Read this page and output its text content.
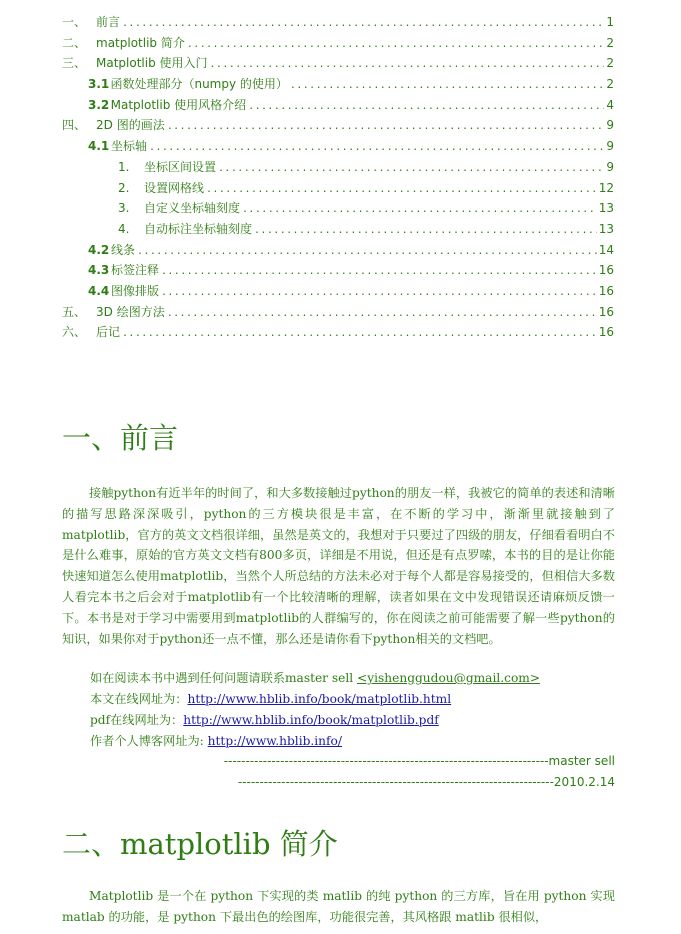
一、 前言 .....	1
二、 matplotlib 简介 .....	2
三、 Matplotlib 使用入门 .....	2
3.1 函数处理部分（numpy 的使用） .....	2
3.2 Matplotlib 使用风格介绍 .....	4
四、 2D 图的画法 .....	9
4.1 坐标轴 .....	9
1.	坐标区间设置 .....	9
2.	设置网格线 .....	12
3.	自定义坐标轴刻度 .....	13
4.	自动标注坐标轴刻度 .....	13
4.2 线条 .....	14
4.3 标签注释 .....	16
4.4 图像排版 .....	16
五、 3D 绘图方法 .....	16
六、 后记 .....	16
一、前言

接触python有近半年的时间了，和大多数接触过python的朋友一样，我被它的简单的表述和清晰的描写思路深深吸引，python的三方模块很是丰富，在不断的学习中，渐渐里就接触到了matplotlib，官方的英文文档很详细，虽然是英文的，我想对于只要过了四级的朋友，仔细看看明白不是什么难事，原始的官方英文文档有800多页，详细是不用说，但还是有点罗嗦，本书的目的是让你能快速知道怎么使用matplotlib，当然个人所总结的方法未必对于每个人都是容易接受的，但相信大多数人看完本书之后会对于matplotlib有一个比较清晰的理解，读者如果在文中发现错误还请麻烦反馈一下。本书是对于学习中需要用到matplotlib的人群编写的，你在阅读之前可能需要了解一些python的知识，如果你对于python还一点不懂，那么还是请你看下python相关的文档吧。

如在阅读本书中遇到任何问题请联系master sell <yishenggudou@gmail.com>
本文在线网址为：http://www.hblib.info/book/matplotlib.html
pdf在线网址为：http://www.hblib.info/book/matplotlib.pdf
作者个人博客网址为: http://www.hblib.info/
---------------------------------------------------------------------------master sell
-------------------------------------------------------------------------2010.2.14
二、matplotlib 简介

Matplotlib 是一个在 python 下实现的类 matlib 的纯 python 的三方库，旨在用 python 实现 matlab 的功能，是 python 下最出色的绘图库，功能很完善，其风格跟 matlib 很相似，
